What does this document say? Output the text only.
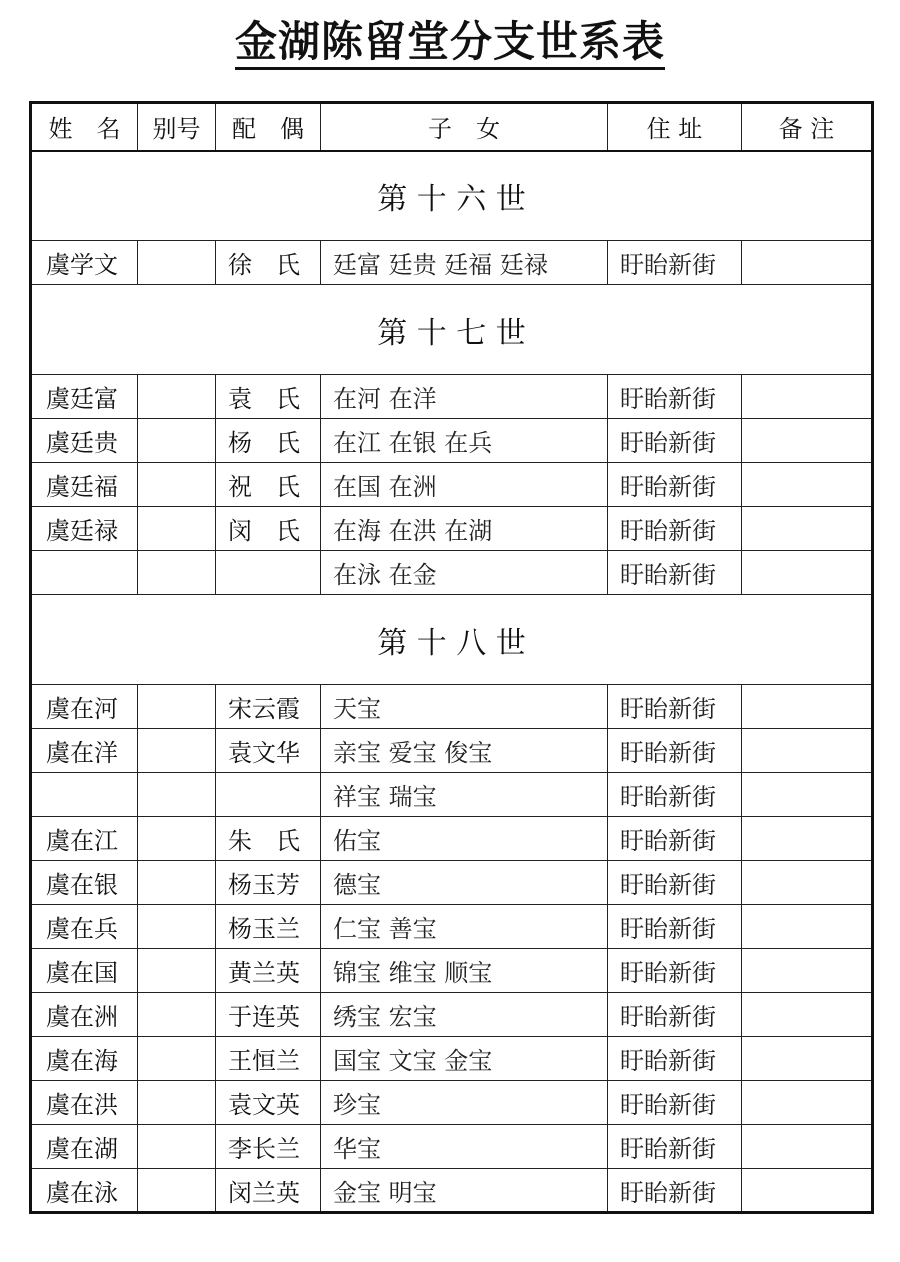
金湖陈留堂分支世系表
姓　名	别号	配　偶	子　女	住 址	备 注
第 十 六 世					
虞学文		徐　氏	廷富 廷贵 廷福 廷禄	盱眙新街	
第 十 七 世					
虞廷富		袁　氏	在河 在洋	盱眙新街	
虞廷贵		杨　氏	在江 在银 在兵	盱眙新街	
虞廷福		祝　氏	在国 在洲	盱眙新街	
虞廷禄		闵　氏	在海 在洪 在湖	盱眙新街	
			在泳 在金	盱眙新街	
第 十 八 世					
虞在河		宋云霞	天宝	盱眙新街	
虞在洋		袁文华	亲宝 爱宝 俊宝	盱眙新街	
			祥宝 瑞宝	盱眙新街	
虞在江		朱　氏	佑宝	盱眙新街	
虞在银		杨玉芳	德宝	盱眙新街	
虞在兵		杨玉兰	仁宝 善宝	盱眙新街	
虞在国		黄兰英	锦宝 维宝 顺宝	盱眙新街	
虞在洲		于连英	绣宝 宏宝	盱眙新街	
虞在海		王恒兰	国宝 文宝 金宝	盱眙新街	
虞在洪		袁文英	珍宝	盱眙新街	
虞在湖		李长兰	华宝	盱眙新街	
虞在泳		闵兰英	金宝 明宝	盱眙新街	
